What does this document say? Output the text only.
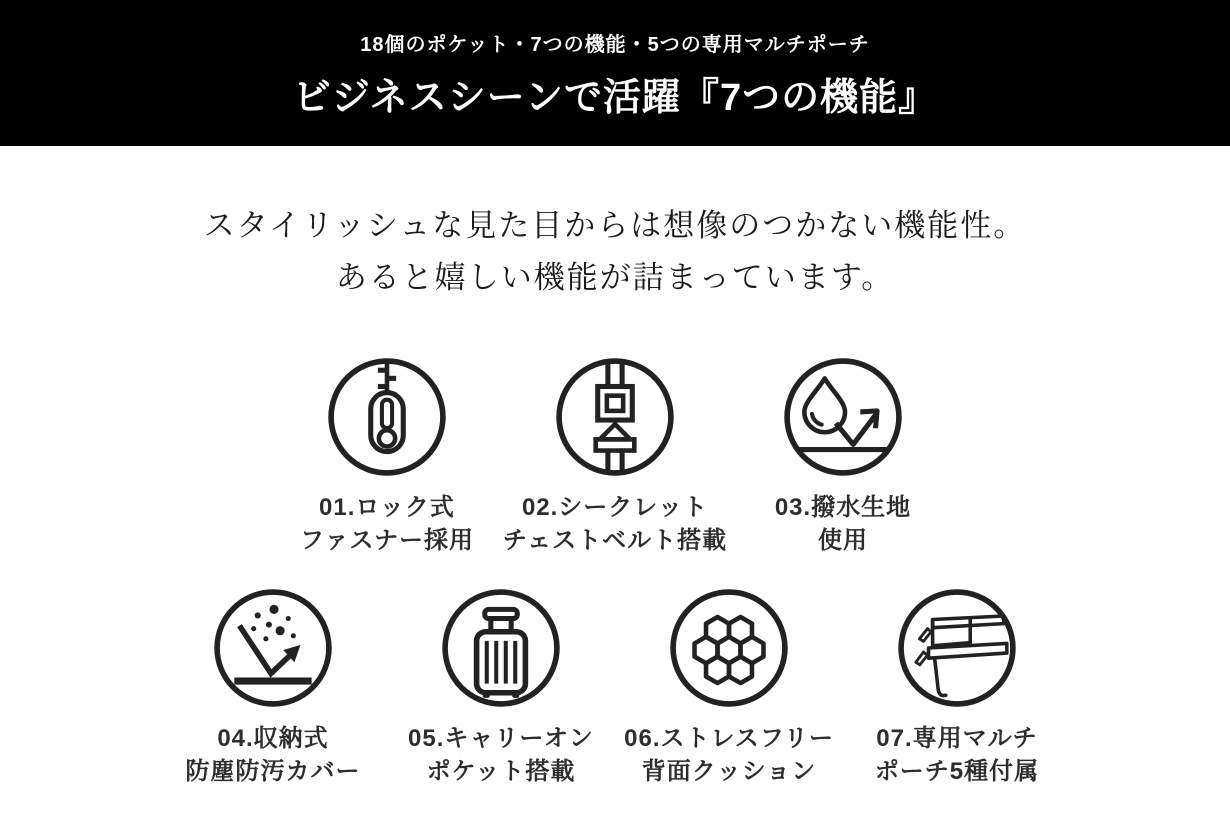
18個のポケット・7つの機能・5つの専用マルチポーチ
ビジネスシーンで活躍『7つの機能』
スタイリッシュな見た目からは想像のつかない機能性。
あると嬉しい機能が詰まっています。
01.ロック式
ファスナー採用
02.シークレット
チェストベルト搭載
03.撥水生地
使用
04.収納式
防塵防汚カバー
05.キャリーオン
ポケット搭載
06.ストレスフリー
背面クッション
07.専用マルチ
ポーチ5種付属
